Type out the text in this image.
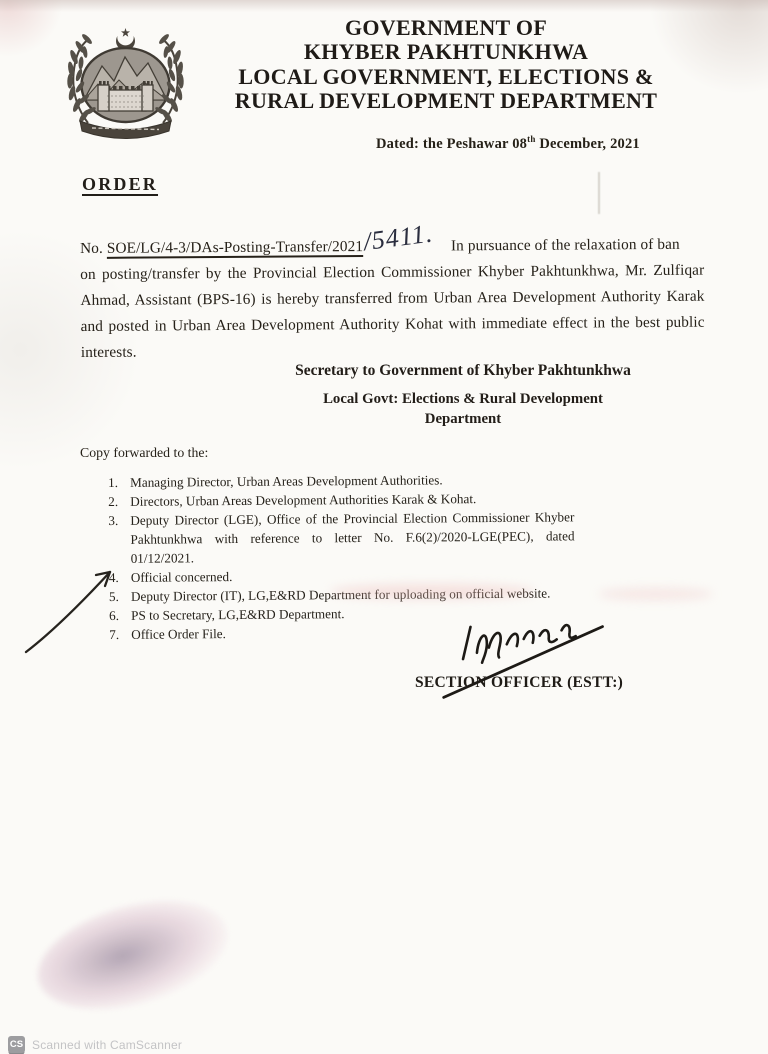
GOVERNMENT OF
KHYBER PAKHTUNKHWA
LOCAL GOVERNMENT, ELECTIONS &
RURAL DEVELOPMENT DEPARTMENT
Dated: the Peshawar 08th December, 2021
ORDER
No. SOE/LG/4-3/DAs-Posting-Transfer/2021/5411. In pursuance of the relaxation of ban
on posting/transfer by the Provincial Election Commissioner Khyber Pakhtunkhwa, Mr. Zulfiqar
Ahmad, Assistant (BPS-16) is hereby transferred from Urban Area Development Authority Karak
and posted in Urban Area Development Authority Kohat with immediate effect in the best public
interests.
Secretary to Government of Khyber Pakhtunkhwa
Local Govt: Elections & Rural Development
Department
Copy forwarded to the:
1. Managing Director, Urban Areas Development Authorities.
2. Directors, Urban Areas Development Authorities Karak & Kohat.
3. Deputy Director (LGE), Office of the Provincial Election Commissioner Khyber Pakhtunkhwa with reference to letter No. F.6(2)/2020-LGE(PEC), dated 01/12/2021.
4. Official concerned.
5. Deputy Director (IT), LG,E&RD Department for uploading on official website.
6. PS to Secretary, LG,E&RD Department.
7. Office Order File.
SECTION OFFICER (ESTT:)
CS Scanned with CamScanner
